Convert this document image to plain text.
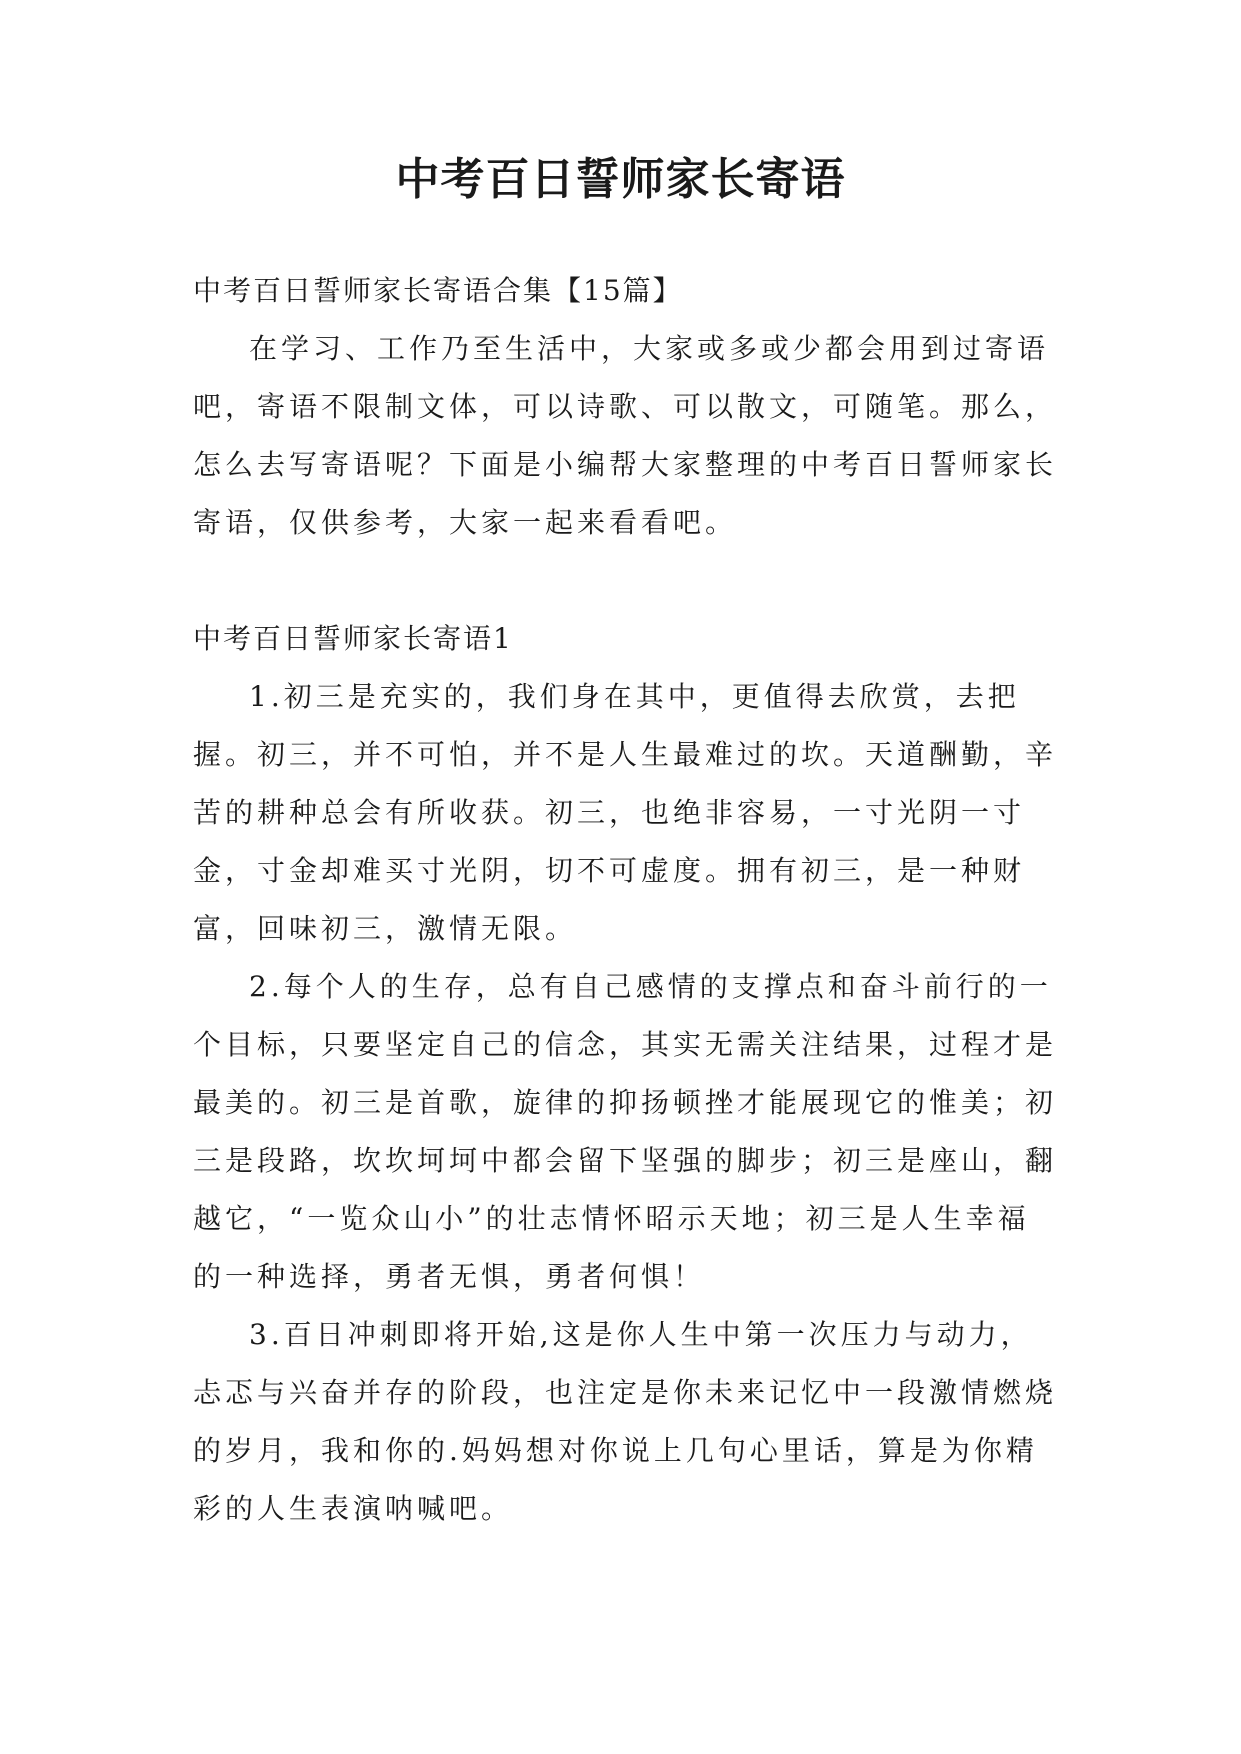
中考百日誓师家长寄语

中考百日誓师家长寄语合集【15篇】

在学习、工作乃至生活中，大家或多或少都会用到过寄语吧，寄语不限制文体，可以诗歌、可以散文，可随笔。那么，怎么去写寄语呢？下面是小编帮大家整理的中考百日誓师家长寄语，仅供参考，大家一起来看看吧。

中考百日誓师家长寄语1

1.初三是充实的，我们身在其中，更值得去欣赏，去把握。初三，并不可怕，并不是人生最难过的坎。天道酬勤，辛苦的耕种总会有所收获。初三，也绝非容易，一寸光阴一寸金，寸金却难买寸光阴，切不可虚度。拥有初三，是一种财富，回味初三，激情无限。

2.每个人的生存，总有自己感情的支撑点和奋斗前行的一个目标，只要坚定自己的信念，其实无需关注结果，过程才是最美的。初三是首歌，旋律的抑扬顿挫才能展现它的惟美；初三是段路，坎坎坷坷中都会留下坚强的脚步；初三是座山，翻越它，“一览众山小”的壮志情怀昭示天地；初三是人生幸福的一种选择，勇者无惧，勇者何惧！

3.百日冲刺即将开始,这是你人生中第一次压力与动力，忐忑与兴奋并存的阶段，也注定是你未来记忆中一段激情燃烧的岁月，我和你的.妈妈想对你说上几句心里话，算是为你精彩的人生表演呐喊吧。
